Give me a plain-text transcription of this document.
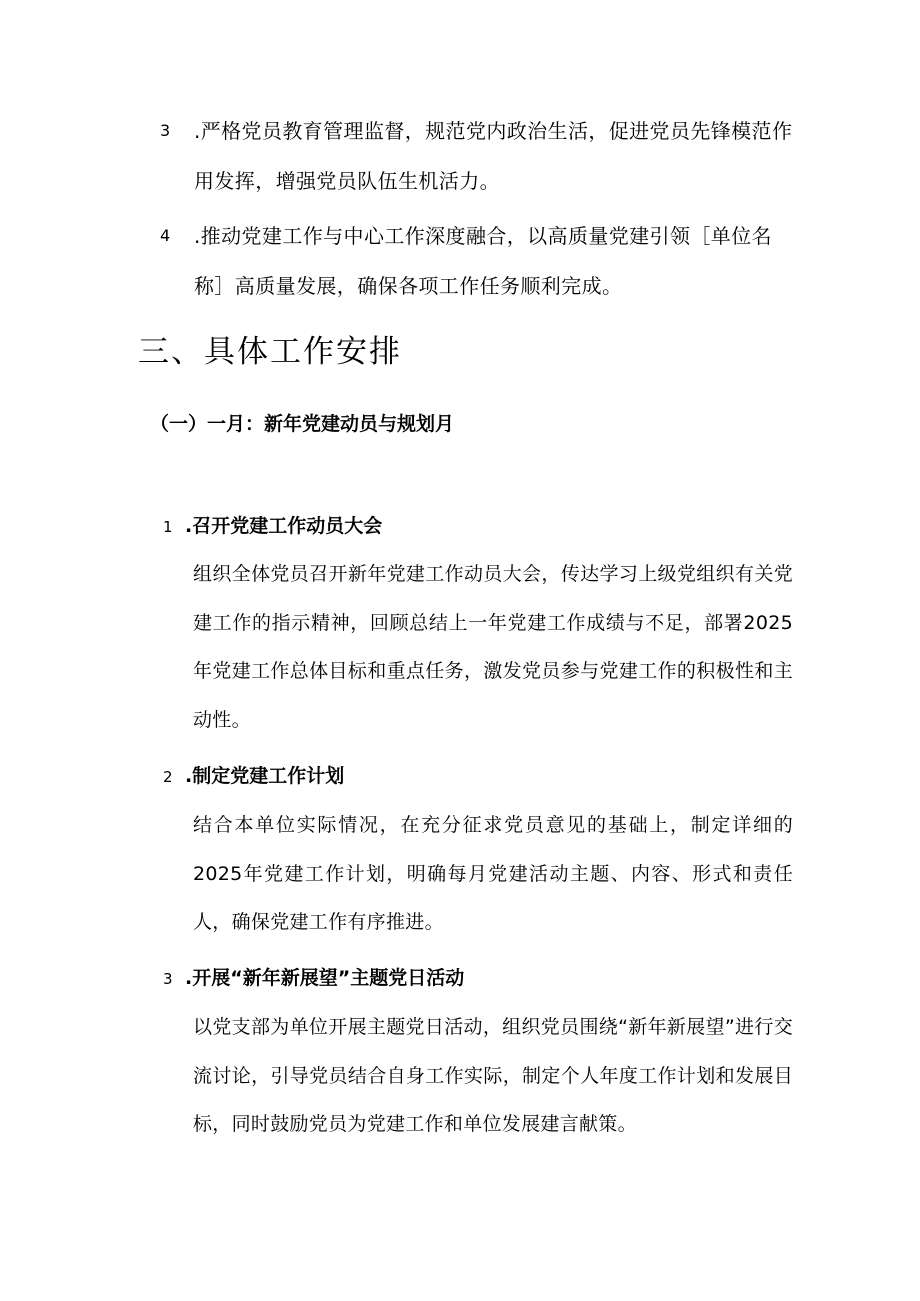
3	.严格党员教育管理监督，规范党内政治生活，促进党员先锋模范作用发挥，增强党员队伍生机活力。
4	.推动党建工作与中心工作深度融合，以高质量党建引领［单位名称］高质量发展，确保各项工作任务顺利完成。
三、具体工作安排
（一）一月：新年党建动员与规划月
1 .召开党建工作动员大会
组织全体党员召开新年党建工作动员大会，传达学习上级党组织有关党建工作的指示精神，回顾总结上一年党建工作成绩与不足，部署2025年党建工作总体目标和重点任务，激发党员参与党建工作的积极性和主动性。
2 .制定党建工作计划
结合本单位实际情况，在充分征求党员意见的基础上，制定详细的2025年党建工作计划，明确每月党建活动主题、内容、形式和责任人，确保党建工作有序推进。
3 .开展“新年新展望”主题党日活动
以党支部为单位开展主题党日活动，组织党员围绕“新年新展望”进行交流讨论，引导党员结合自身工作实际，制定个人年度工作计划和发展目标，同时鼓励党员为党建工作和单位发展建言献策。
